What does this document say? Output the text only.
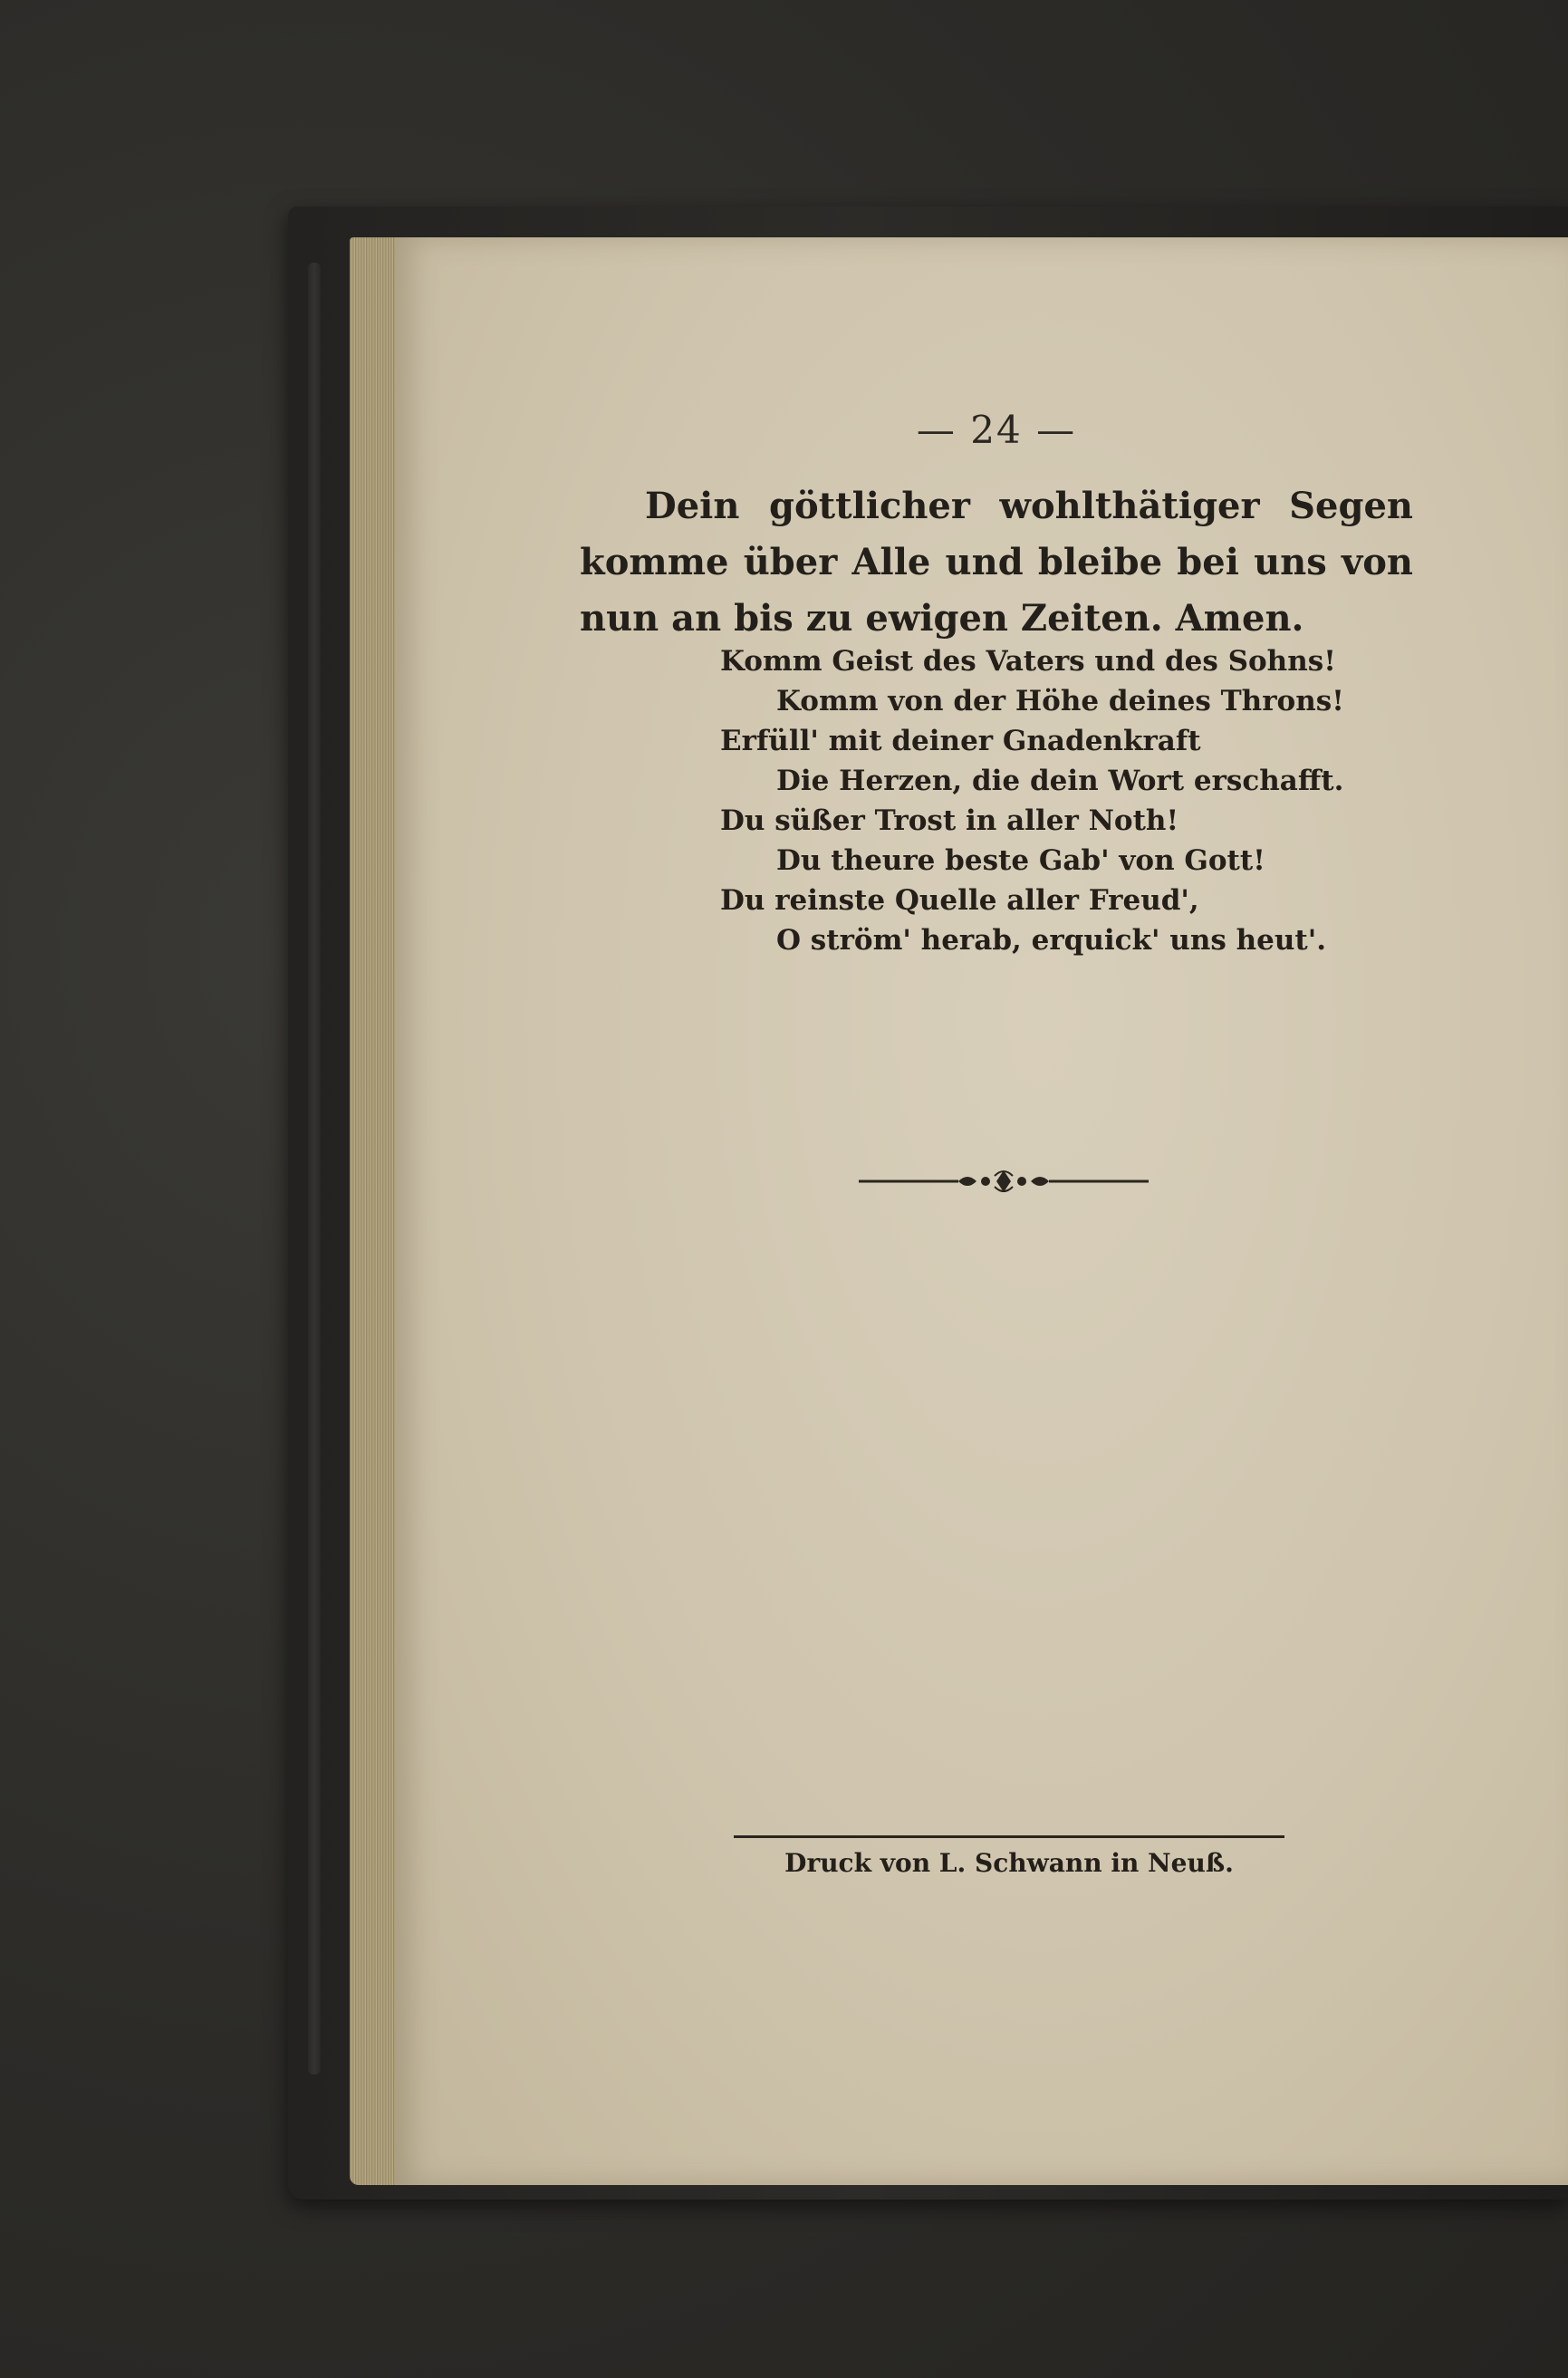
— 24 —
Dein göttlicher wohlthätiger Segen komme über Alle und bleibe bei uns von nun an bis zu ewigen Zeiten. Amen.
Komm Geist des Vaters und des Sohns!
Komm von der Höhe deines Throns!
Erfüll' mit deiner Gnadenkraft
Die Herzen, die dein Wort erschafft.
Du süßer Trost in aller Noth!
Du theure beste Gab' von Gott!
Du reinste Quelle aller Freud',
O ström' herab, erquick' uns heut'.
Druck von L. Schwann in Neuß.
